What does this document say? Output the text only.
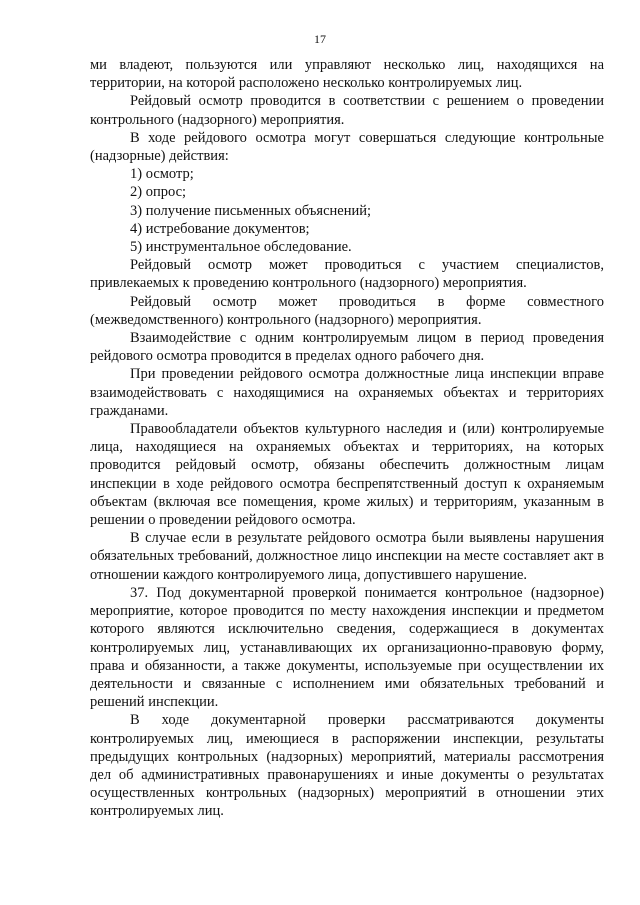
17

ми владеют, пользуются или управляют несколько лиц, находящихся на территории, на которой расположено несколько контролируемых лиц.

Рейдовый осмотр проводится в соответствии с решением о проведении контрольного (надзорного) мероприятия.

В ходе рейдового осмотра могут совершаться следующие контрольные (надзорные) действия:

1) осмотр;

2) опрос;

3) получение письменных объяснений;

4) истребование документов;

5) инструментальное обследование.

Рейдовый осмотр может проводиться с участием специалистов, привлекаемых к проведению контрольного (надзорного) мероприятия.

Рейдовый осмотр может проводиться в форме совместного (межведомственного) контрольного (надзорного) мероприятия.

Взаимодействие с одним контролируемым лицом в период проведения рейдового осмотра проводится в пределах одного рабочего дня.

При проведении рейдового осмотра должностные лица инспекции вправе взаимодействовать с находящимися на охраняемых объектах и территориях гражданами.

Правообладатели объектов культурного наследия и (или) контролируемые лица, находящиеся на охраняемых объектах и территориях, на которых проводится рейдовый осмотр, обязаны обеспечить должностным лицам инспекции в ходе рейдового осмотра беспрепятственный доступ к охраняемым объектам (включая все помещения, кроме жилых) и территориям, указанным в решении о проведении рейдового осмотра.

В случае если в результате рейдового осмотра были выявлены нарушения обязательных требований, должностное лицо инспекции на месте составляет акт в отношении каждого контролируемого лица, допустившего нарушение.

37. Под документарной проверкой понимается контрольное (надзорное) мероприятие, которое проводится по месту нахождения инспекции и предметом которого являются исключительно сведения, содержащиеся в документах контролируемых лиц, устанавливающих их организационно-правовую форму, права и обязанности, а также документы, используемые при осуществлении их деятельности и связанные с исполнением ими обязательных требований и решений инспекции.

В ходе документарной проверки рассматриваются документы контролируемых лиц, имеющиеся в распоряжении инспекции, результаты предыдущих контрольных (надзорных) мероприятий, материалы рассмотрения дел об административных правонарушениях и иные документы о результатах осуществленных контрольных (надзорных) мероприятий в отношении этих контролируемых лиц.
